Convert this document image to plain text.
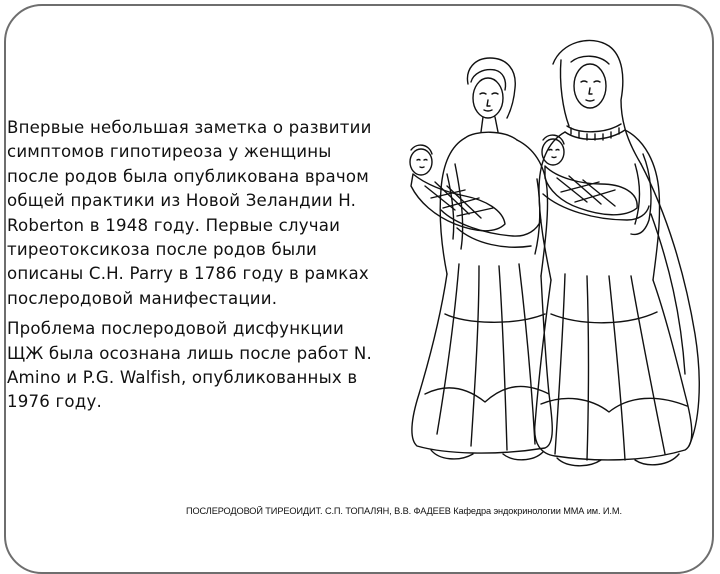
Впервые небольшая заметка о развитии симптомов гипотиреоза у женщины после родов была опубликована врачом общей практики из Новой Зеландии H. Roberton в 1948 году. Первые случаи тиреотоксикоза после родов были описаны C.H. Parry в 1786 году в рамках послеродовой манифестации.

Проблема послеродовой дисфункции ЩЖ была осознана лишь после работ N. Amino и P.G. Walfish, опубликованных в 1976 году.

ПОСЛЕРОДОВОЙ ТИРЕОИДИТ. С.П. ТОПАЛЯН, В.В. ФАДЕЕВ Кафедра эндокринологии ММА им. И.М.
